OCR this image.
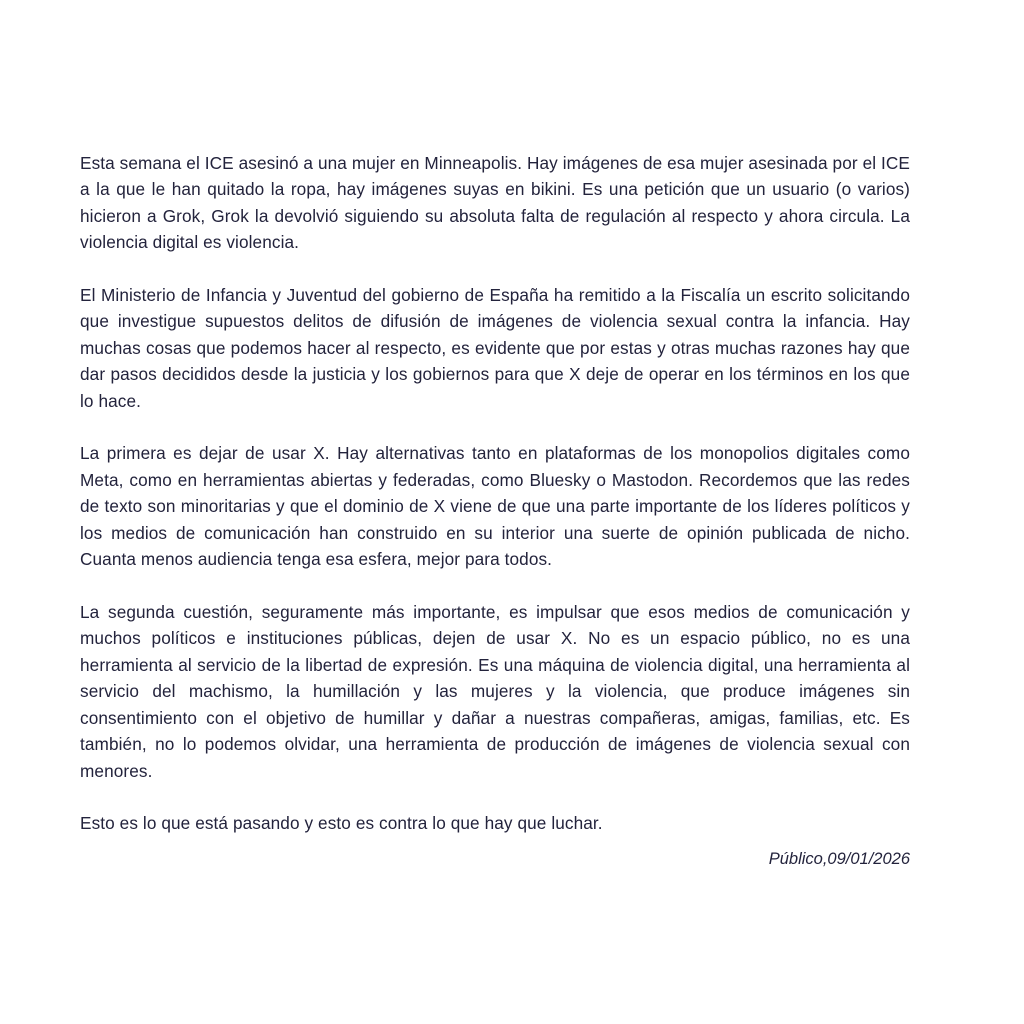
Esta semana el ICE asesinó a una mujer en Minneapolis. Hay imágenes de esa mujer asesinada por el ICE a la que le han quitado la ropa, hay imágenes suyas en bikini. Es una petición que un usuario (o varios) hicieron a Grok, Grok la devolvió siguiendo su absoluta falta de regulación al respecto y ahora circula. La violencia digital es violencia.

El Ministerio de Infancia y Juventud del gobierno de España ha remitido a la Fiscalía un escrito solicitando que investigue supuestos delitos de difusión de imágenes de violencia sexual contra la infancia. Hay muchas cosas que podemos hacer al respecto, es evidente que por estas y otras muchas razones hay que dar pasos decididos desde la justicia y los gobiernos para que X deje de operar en los términos en los que lo hace.

La primera es dejar de usar X. Hay alternativas tanto en plataformas de los monopolios digitales como Meta, como en herramientas abiertas y federadas, como Bluesky o Mastodon. Recordemos que las redes de texto son minoritarias y que el dominio de X viene de que una parte importante de los líderes políticos y los medios de comunicación han construido en su interior una suerte de opinión publicada de nicho. Cuanta menos audiencia tenga esa esfera, mejor para todos.

La segunda cuestión, seguramente más importante, es impulsar que esos medios de comunicación y muchos políticos e instituciones públicas, dejen de usar X. No es un espacio público, no es una herramienta al servicio de la libertad de expresión. Es una máquina de violencia digital, una herramienta al servicio del machismo, la humillación y las mujeres y la violencia, que produce imágenes sin consentimiento con el objetivo de humillar y dañar a nuestras compañeras, amigas, familias, etc. Es también, no lo podemos olvidar, una herramienta de producción de imágenes de violencia sexual con menores.

Esto es lo que está pasando y esto es contra lo que hay que luchar.

Público,09/01/2026
